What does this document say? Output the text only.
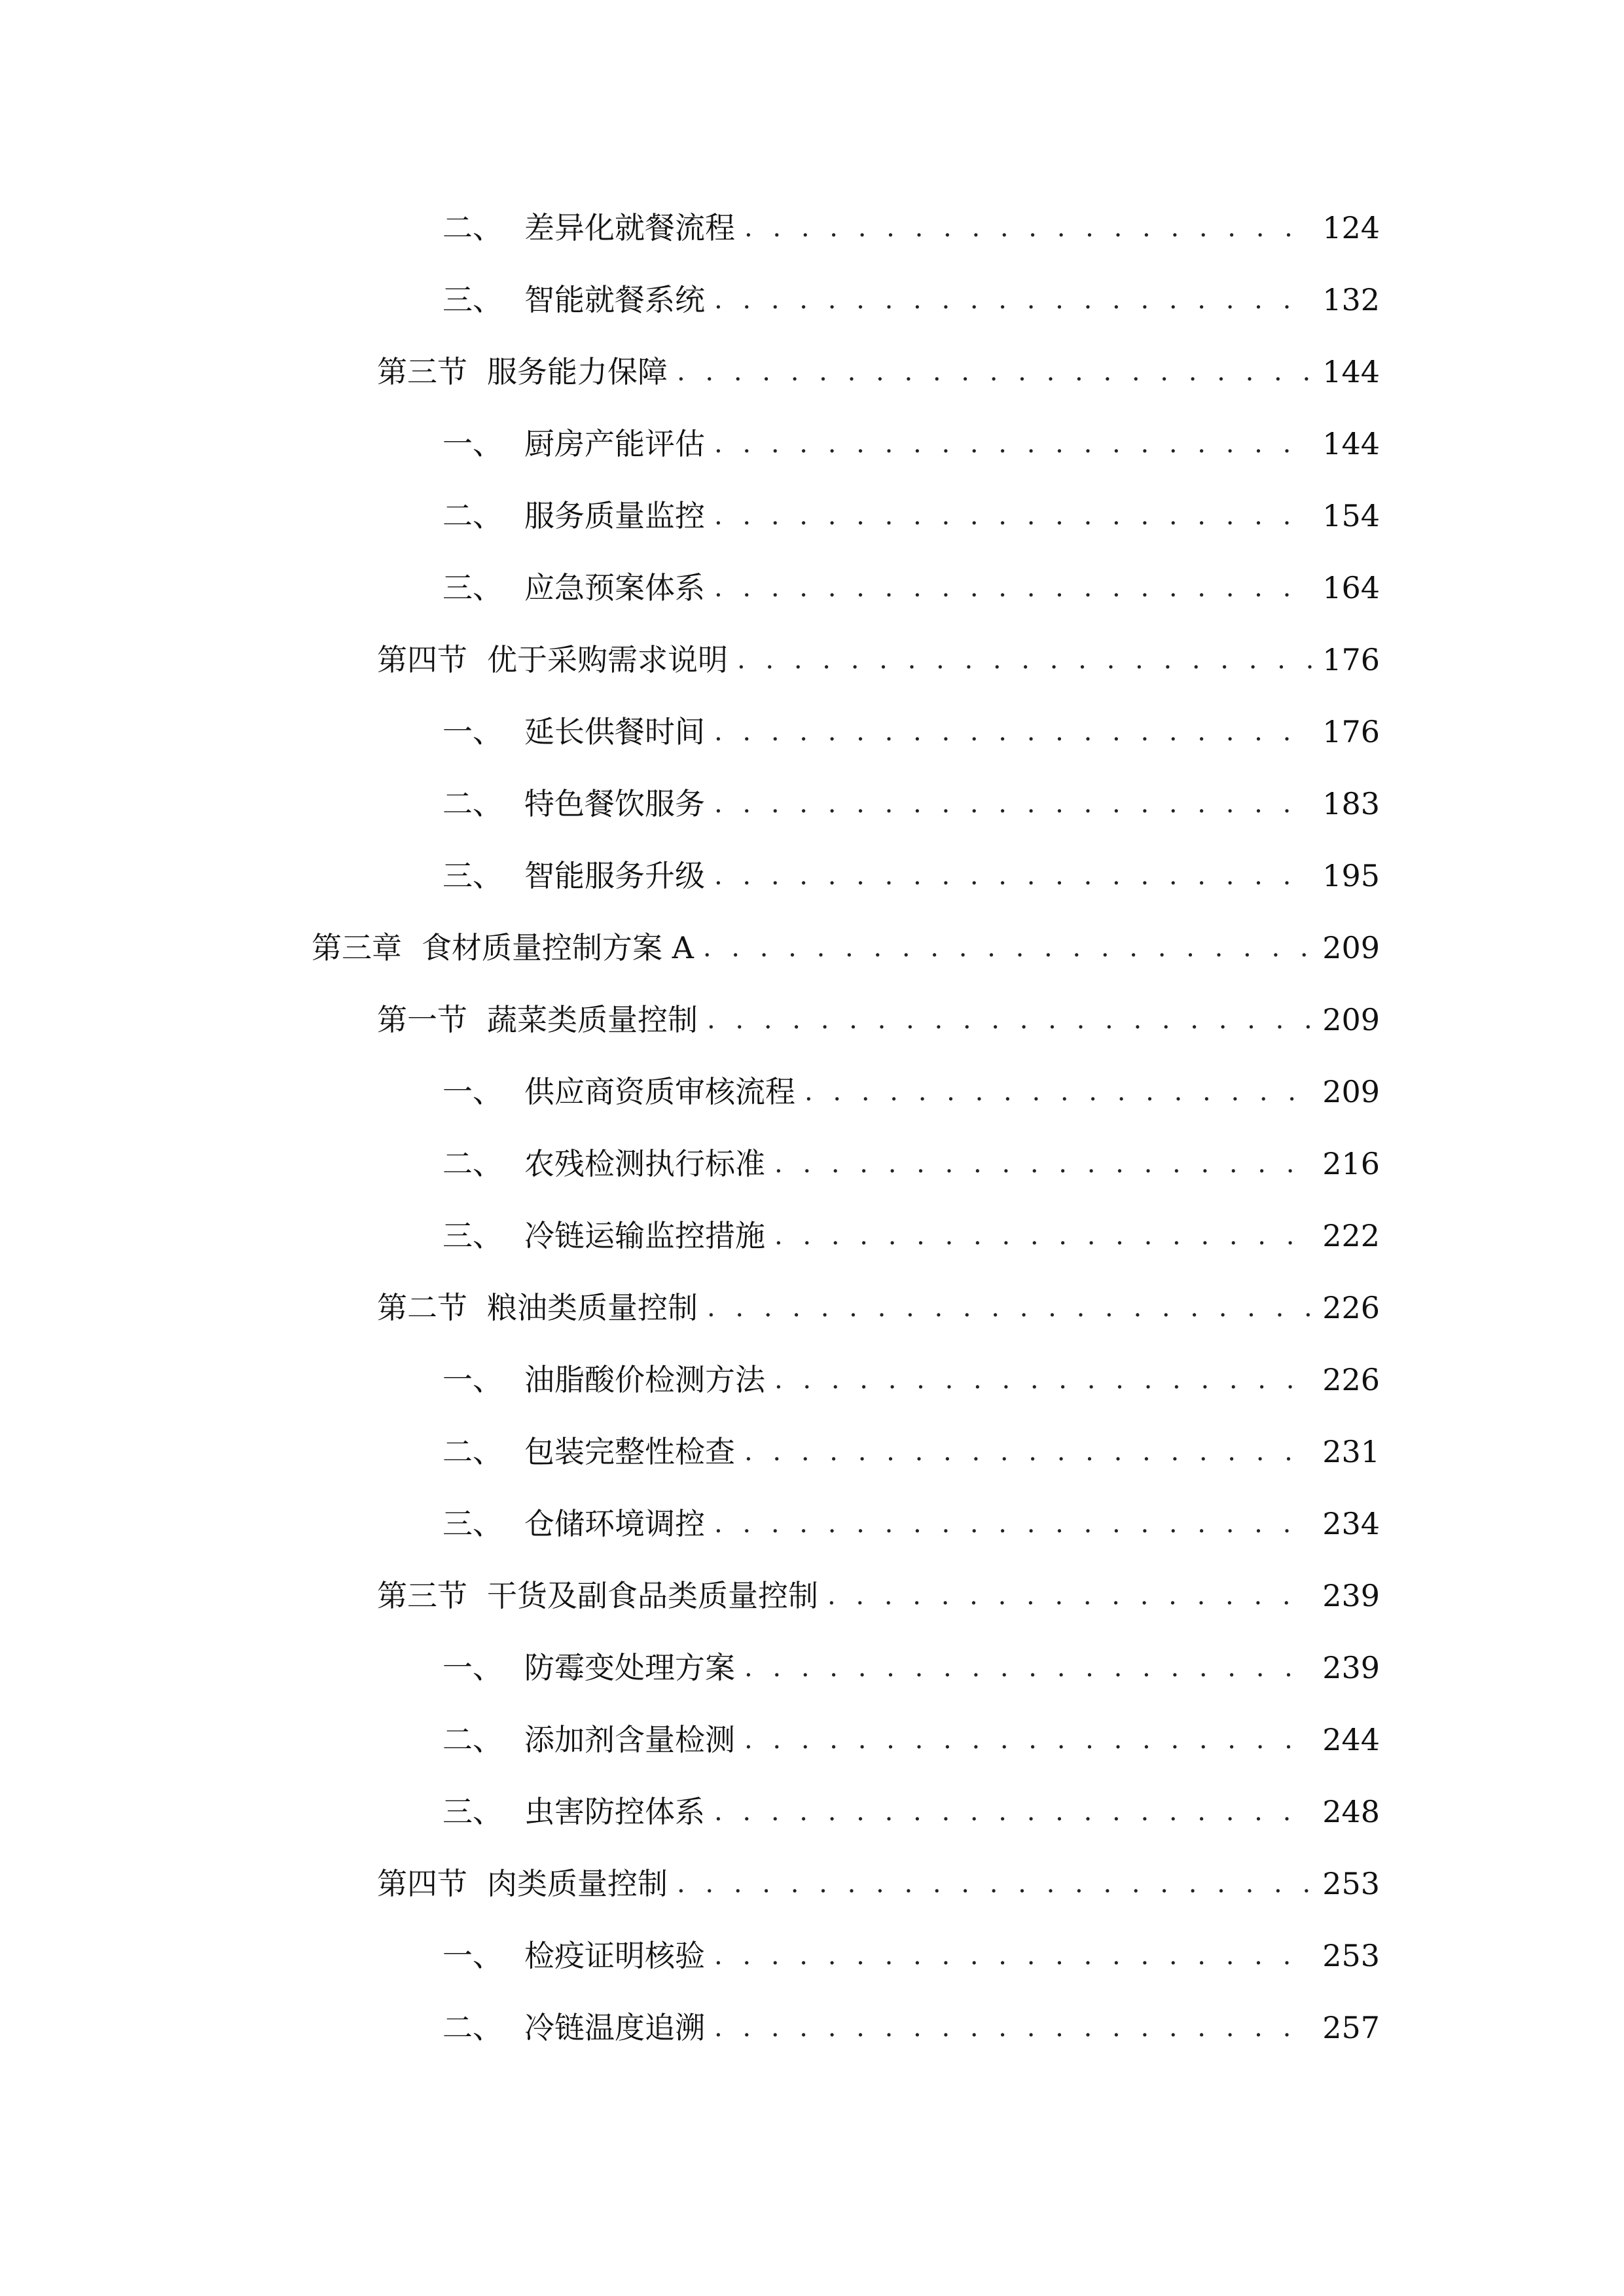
二、 差异化就餐流程 . . .	124
三、 智能就餐系统 . . .	132
第三节 服务能力保障 . . .	144
一、 厨房产能评估 . . .	144
二、 服务质量监控 . . .	154
三、 应急预案体系 . . .	164
第四节 优于采购需求说明 . . .	176
一、 延长供餐时间 . . .	176
二、 特色餐饮服务 . . .	183
三、 智能服务升级 . . .	195
第三章 食材质量控制方案 A . . .	209
第一节 蔬菜类质量控制 . . .	209
一、 供应商资质审核流程 . . .	209
二、 农残检测执行标准 . . .	216
三、 冷链运输监控措施 . . .	222
第二节 粮油类质量控制 . . .	226
一、 油脂酸价检测方法 . . .	226
二、 包装完整性检查 . . .	231
三、 仓储环境调控 . . .	234
第三节 干货及副食品类质量控制 . . .	239
一、 防霉变处理方案 . . .	239
二、 添加剂含量检测 . . .	244
三、 虫害防控体系 . . .	248
第四节 肉类质量控制 . . .	253
一、 检疫证明核验 . . .	253
二、 冷链温度追溯 . . .	257
